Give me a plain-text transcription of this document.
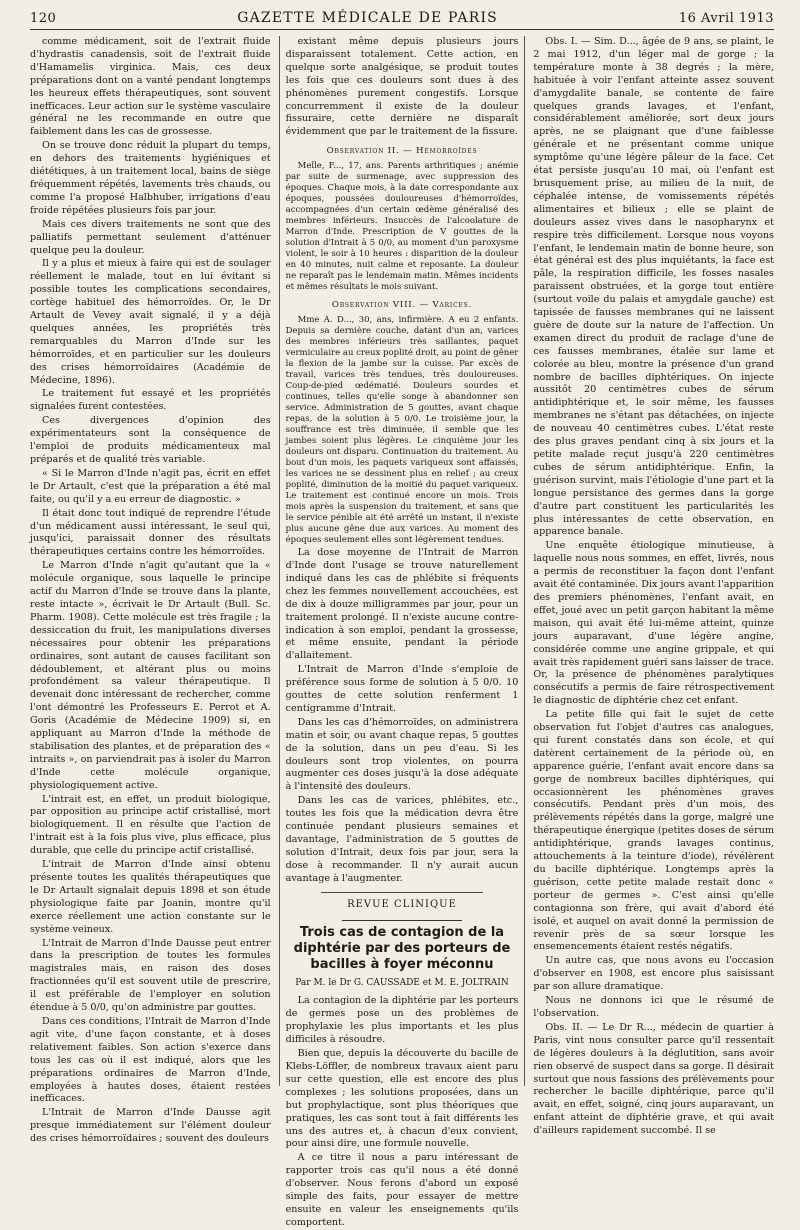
120	GAZETTE MÉDICALE DE PARIS	16 Avril 1913

comme médicament, soit de l'extrait fluide d'hydrastis canadensis, soit de l'extrait fluide d'Hamamelis virginica. Mais, ces deux préparations dont on a vanté pendant longtemps les heureux effets thérapeutiques, sont souvent inefficaces. Leur action sur le système vasculaire général ne les recommande en outre que faiblement dans les cas de grossesse.

On se trouve donc réduit la plupart du temps, en dehors des traitements hygiéniques et diététiques, à un traitement local, bains de siège fréquemment répétés, lavements très chauds, ou comme l'a proposé Halbhuber, irrigations d'eau froide répétées plusieurs fois par jour.

Mais ces divers traitements ne sont que des palliatifs permettant seulement d'atténuer quelque peu la douleur.

Il y a plus et mieux à faire qui est de soulager réellement le malade, tout en lui évitant si possible toutes les complications secondaires, cortège habituel des hémorroïdes. Or, le Dr Artault de Vevey avait signalé, il y a déjà quelques années, les propriétés très remarquables du Marron d'Inde sur les hémorroïdes, et en particulier sur les douleurs des crises hémorroïdaires (Académie de Médecine, 1896).

Le traitement fut essayé et les propriétés signalées furent contestées.

Ces divergences d'opinion des expérimentateurs sont la conséquence de l'emploi de produits médicamenteux mal préparés et de qualité très variable.

« Si le Marron d'Inde n'agit pas, écrit en effet le Dr Artault, c'est que la préparation a été mal faite, ou qu'il y a eu erreur de diagnostic. »

Il était donc tout indiqué de reprendre l'étude d'un médicament aussi intéressant, le seul qui, jusqu'ici, paraissait donner des résultats thérapeutiques certains contre les hémorroïdes.

Le Marron d'Inde n'agit qu'autant que la « molécule organique, sous laquelle le principe actif du Marron d'Inde se trouve dans la plante, reste intacte », écrivait le Dr Artault (Bull. Sc. Pharm. 1908). Cette molécule est très fragile ; la dessiccation du fruit, les manipulations diverses nécessaires pour obtenir les préparations ordinaires, sont autant de causes facilitant son dédoublement, et altérant plus ou moins profondément sa valeur thérapeutique. Il devenait donc intéressant de rechercher, comme l'ont démontré les Professeurs E. Perrot et A. Goris (Académie de Médecine 1909) si, en appliquant au Marron d'Inde la méthode de stabilisation des plantes, et de préparation des « intraits », on parviendrait pas à isoler du Marron d'Inde cette molécule organique, physiologiquement active.

L'intrait est, en effet, un produit biologique, par opposition au principe actif cristallisé, mort biologiquement. Il en résulte que l'action de l'intrait est à la fois plus vive, plus efficace, plus durable, que celle du principe actif cristallisé.

L'intrait de Marron d'Inde ainsi obtenu présente toutes les qualités thérapeutiques que le Dr Artault signalait depuis 1898 et son étude physiologique faite par Joanin, montre qu'il exerce réellement une action constante sur le système veineux.

L'Intrait de Marron d'Inde Dausse peut entrer dans la prescription de toutes les formules magistrales mais, en raison des doses fractionnées qu'il est souvent utile de prescrire, il est préférable de l'employer en solution étendue à 5 0/0, qu'on administre par gouttes.

Dans ces conditions, l'Intrait de Marron d'Inde agit vite, d'une façon constante, et à doses relativement faibles. Son action s'exerce dans tous les cas où il est indiqué, alors que les préparations ordinaires de Marron d'Inde, employées à hautes doses, étaient restées inefficaces.

L'Intrait de Marron d'Inde Dausse agit presque immédiatement sur l'élément douleur des crises hémorroïdaires ; souvent des douleurs

existant même depuis plusieurs jours disparaissent totalement. Cette action, en quelque sorte analgésique, se produit toutes les fois que ces douleurs sont dues à des phénomènes purement congestifs. Lorsque concurremment il existe de la douleur fissuraire, cette dernière ne disparaît évidemment que par le traitement de la fissure.

Observation II. — Hémorroïdes

Melle, F..., 17, ans. Parents arthritiques ; anémie par suite de surmenage, avec suppression des époques. Chaque mois, à la date correspondante aux époques, poussées douloureuses d'hémorroïdes, accompagnées d'un certain œdème généralisé des membres inférieurs. Insuccès de l'alcoolature de Marron d'Inde. Prescription de V gouttes de la solution d'Intrait à 5 0/0, au moment d'un paroxysme violent, le soir à 10 heures : disparition de la douleur en 40 minutes, nuit calme et reposante. La douleur ne reparaît pas le lendemain matin. Mêmes incidents et mêmes résultats le mois suivant.

Observation VIII. — Varices.

Mme A. D..., 30, ans, infirmière. A eu 2 enfants. Depuis sa dernière couche, datant d'un an, varices des membres inférieurs très saillantes, paquet vermiculaire au creux poplité droit, au point de gêner la flexion de la jambe sur la cuisse. Par excès de travail, varices très tendues, très douloureuses. Coup-de-pied œdématié. Douleurs sourdes et continues, telles qu'elle songe à abandonner son service. Administration de 5 gouttes, avant chaque repas, de la solution à 5 0/0. Le troisième jour, la souffrance est très diminuée, il semble que les jambes soient plus légères. Le cinquième jour les douleurs ont disparu. Continuation du traitement. Au bout d'un mois, les paquets variqueux sont affaissés, les varices ne se dessinent plus en relief ; au creux poplité, diminution de la moitié du paquet variqueux. Le traitement est continué encore un mois. Trois mois après la suspension du traitement, et sans que le service pénible ait été arrêté un instant, il n'existe plus aucune gêne due aux varices. Au moment des époques seulement elles sont légèrement tendues.

La dose moyenne de l'Intrait de Marron d'Inde dont l'usage se trouve naturellement indiqué dans les cas de phlébite si fréquents chez les femmes nouvellement accouchées, est de dix à douze milligrammes par jour, pour un traitement prolongé. Il n'existe aucune contre-indication à son emploi, pendant la grossesse, et même ensuite, pendant la période d'allaitement.

L'Intrait de Marron d'Inde s'emploie de préférence sous forme de solution à 5 0/0. 10 gouttes de cette solution renferment 1 centigramme d'Intrait.

Dans les cas d'hémorroïdes, on administrera matin et soir, ou avant chaque repas, 5 gouttes de la solution, dans un peu d'eau. Si les douleurs sont trop violentes, on pourra augmenter ces doses jusqu'à la dose adéquate à l'intensité des douleurs.

Dans les cas de varices, phlébites, etc., toutes les fois que la médication devra être continuée pendant plusieurs semaines et davantage, l'administration de 5 gouttes de solution d'Intrait, deux fois par jour, sera la dose à recommander. Il n'y aurait aucun avantage à l'augmenter.

REVUE CLINIQUE
Trois cas de contagion de la diphtérie par des porteurs de bacilles à foyer méconnu
Par M. le Dr G. CAUSSADE et M. E. JOLTRAIN

La contagion de la diphtérie par les porteurs de germes pose un des problèmes de prophylaxie les plus importants et les plus difficiles à résoudre.

Bien que, depuis la découverte du bacille de Klebs-Löffler, de nombreux travaux aient paru sur cette question, elle est encore des plus complexes ; les solutions proposées, dans un but prophylactique, sont plus théoriques que pratiques, les cas sont tout à fait différents les uns des autres et, à chacun d'eux convient, pour ainsi dire, une formule nouvelle.

A ce titre il nous a paru intéressant de rapporter trois cas qu'il nous a été donné d'observer. Nous ferons d'abord un exposé simple des faits, pour essayer de mettre ensuite en valeur les enseignements qu'ils comportent.

Obs. I. — Sim. D..., âgée de 9 ans, se plaint, le 2 mai 1912, d'un léger mal de gorge ; la température monte à 38 degrés ; la mère, habituée à voir l'enfant atteinte assez souvent d'amygdalite banale, se contente de faire quelques grands lavages, et l'enfant, considérablement améliorée, sort deux jours après, ne se plaignant que d'une faiblesse générale et ne présentant comme unique symptôme qu'une légère pâleur de la face. Cet état persiste jusqu'au 10 mai, où l'enfant est brusquement prise, au milieu de la nuit, de céphalée intense, de vomissements répétés alimentaires et bilieux ; elle se plaint de douleurs assez vives dans le nasopharynx et respire très difficilement. Lorsque nous voyons l'enfant, le lendemain matin de bonne heure, son état général est des plus inquiétants, la face est pâle, la respiration difficile, les fosses nasales paraissent obstruées, et la gorge tout entière (surtout voile du palais et amygdale gauche) est tapissée de fausses membranes qui ne laissent guère de doute sur la nature de l'affection. Un examen direct du produit de raclage d'une de ces fausses membranes, étalée sur lame et colorée au bleu, montre la présence d'un grand nombre de bacilles diphtériques. On injecte aussitôt 20 centimètres cubes de sérum antidiphtérique et, le soir même, les fausses membranes ne s'étant pas détachées, on injecte de nouveau 40 centimètres cubes. L'état reste des plus graves pendant cinq à six jours et la petite malade reçut jusqu'à 220 centimètres cubes de sérum antidiphtérique. Enfin, la guérison survint, mais l'étiologie d'une part et la longue persistance des germes dans la gorge d'autre part constituent les particularités les plus intéressantes de cette observation, en apparence banale.

Une enquête étiologique minutieuse, à laquelle nous nous sommes, en effet, livrés, nous a permis de reconstituer la façon dont l'enfant avait été contaminée. Dix jours avant l'apparition des premiers phénomènes, l'enfant avait, en effet, joué avec un petit garçon habitant la même maison, qui avait été lui-même atteint, quinze jours auparavant, d'une légère angine, considérée comme une angine grippale, et qui avait très rapidement guéri sans laisser de trace. Or, la présence de phénomènes paralytiques consécutifs a permis de faire rétrospectivement le diagnostic de diphtérie chez cet enfant.

La petite fille qui fait le sujet de cette observation fut l'objet d'autres cas analogues, qui furent constatés dans son école, et qui datèrent certainement de la période où, en apparence guérie, l'enfant avait encore dans sa gorge de nombreux bacilles diphtériques, qui occasionnèrent les phénomènes graves consécutifs. Pendant près d'un mois, des prélèvements répétés dans la gorge, malgré une thérapeutique énergique (petites doses de sérum antidiphtérique, grands lavages continus, attouchements à la teinture d'iode), révélèrent du bacille diphtérique. Longtemps après la guérison, cette petite malade restait donc « porteur de germes ». C'est ainsi qu'elle contagionna son frère, qui avait d'abord été isolé, et auquel on avait donné la permission de revenir près de sa sœur lorsque les ensemencements étaient restés négatifs.

Un autre cas, que nous avons eu l'occasion d'observer en 1908, est encore plus saisissant par son allure dramatique.

Nous ne donnons ici que le résumé de l'observation.

Obs. II. — Le Dr R..., médecin de quartier à Paris, vint nous consulter parce qu'il ressentait de légères douleurs à la déglutition, sans avoir rien observé de suspect dans sa gorge. Il désirait surtout que nous fassions des prélèvements pour rechercher le bacille diphtérique, parce qu'il avait, en effet, soigné, cinq jours auparavant, un enfant atteint de diphtérie grave, et qui avait d'ailleurs rapidement succombé. Il se
